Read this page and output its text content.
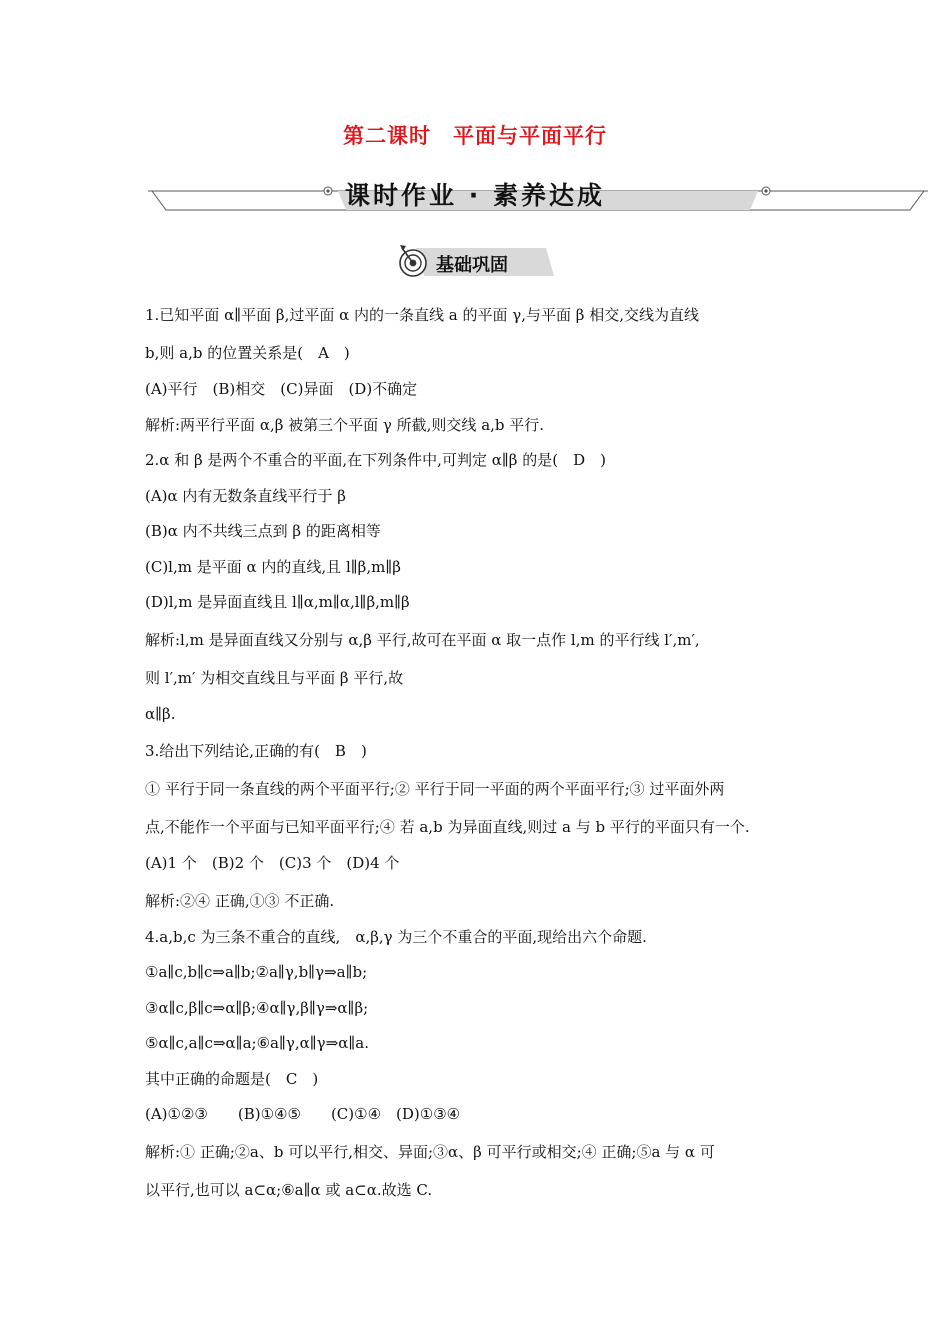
第二课时　平面与平面平行
课时作业 · 素养达成
基础巩固
1.已知平面 α∥平面 β,过平面 α 内的一条直线 a 的平面 γ,与平面 β 相交,交线为直线
b,则 a,b 的位置关系是(　A　)
(A)平行　(B)相交　(C)异面　(D)不确定
解析:两平行平面 α,β 被第三个平面 γ 所截,则交线 a,b 平行.
2.α 和 β 是两个不重合的平面,在下列条件中,可判定 α∥β 的是(　D　)
(A)α 内有无数条直线平行于 β
(B)α 内不共线三点到 β 的距离相等
(C)l,m 是平面 α 内的直线,且 l∥β,m∥β
(D)l,m 是异面直线且 l∥α,m∥α,l∥β,m∥β
解析:l,m 是异面直线又分别与 α,β 平行,故可在平面 α 取一点作 l,m 的平行线 l′,m′,
则 l′,m′ 为相交直线且与平面 β 平行,故
α∥β.
3.给出下列结论,正确的有(　B　)
① 平行于同一条直线的两个平面平行;② 平行于同一平面的两个平面平行;③ 过平面外两
点,不能作一个平面与已知平面平行;④ 若 a,b 为异面直线,则过 a 与 b 平行的平面只有一个.
(A)1 个　(B)2 个　(C)3 个　(D)4 个
解析:②④ 正确,①③ 不正确.
4.a,b,c 为三条不重合的直线,　α,β,γ 为三个不重合的平面,现给出六个命题.
①a∥c,b∥c⇒a∥b;②a∥γ,b∥γ⇒a∥b;
③α∥c,β∥c⇒α∥β;④α∥γ,β∥γ⇒α∥β;
⑤α∥c,a∥c⇒α∥a;⑥a∥γ,α∥γ⇒α∥a.
其中正确的命题是(　C　)
(A)①②③　　(B)①④⑤　　(C)①④　(D)①③④
解析:① 正确;②a、b 可以平行,相交、异面;③α、β 可平行或相交;④ 正确;⑤a 与 α 可
以平行,也可以 a⊂α;⑥a∥α 或 a⊂α.故选 C.
